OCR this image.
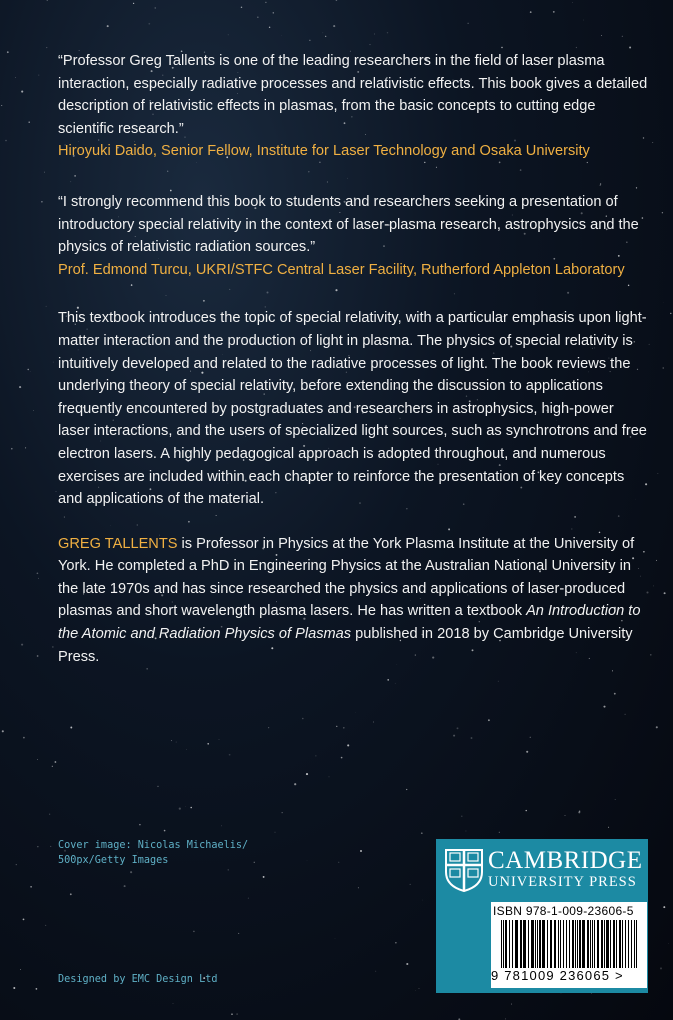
“Professor Greg Tallents is one of the leading researchers in the field of laser plasma interaction, especially radiative processes and relativistic effects. This book gives a detailed description of relativistic effects in plasmas, from the basic concepts to cutting edge scientific research.”

Hiroyuki Daido, Senior Fellow, Institute for Laser Technology and Osaka University

“I strongly recommend this book to students and researchers seeking a presentation of introductory special relativity in the context of laser-plasma research, astrophysics and the physics of relativistic radiation sources.”

Prof. Edmond Turcu, UKRI/STFC Central Laser Facility, Rutherford Appleton Laboratory

This textbook introduces the topic of special relativity, with a particular emphasis upon light-matter interaction and the production of light in plasma. The physics of special relativity is intuitively developed and related to the radiative processes of light. The book reviews the underlying theory of special relativity, before extending the discussion to applications frequently encountered by postgraduates and researchers in astrophysics, high-power laser interactions, and the users of specialized light sources, such as synchrotrons and free electron lasers. A highly pedagogical approach is adopted throughout, and numerous exercises are included within each chapter to reinforce the presentation of key concepts and applications of the material.

GREG TALLENTS is Professor in Physics at the York Plasma Institute at the University of York. He completed a PhD in Engineering Physics at the Australian National University in the late 1970s and has since researched the physics and applications of laser-produced plasmas and short wavelength plasma lasers. He has written a textbook An Introduction to the Atomic and Radiation Physics of Plasmas published in 2018 by Cambridge University Press.

Cover image: Nicolas Michaelis/ 500px/Getty Images
Designed by EMC Design Ltd
CAMBRIDGE
UNIVERSITY PRESS
ISBN 978-1-009-23606-5
9 781009 236065 >
